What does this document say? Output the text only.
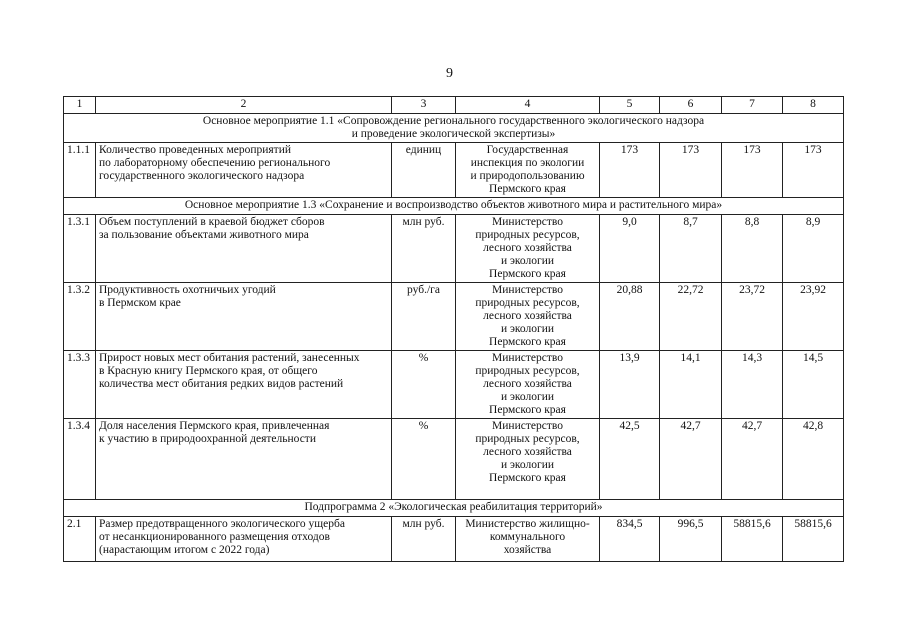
9
1	2	3	4	5	6	7	8
Основное мероприятие 1.1 «Сопровождение регионального государственного экологического надзора
и проведение экологической экспертизы»							
1.1.1	Количество проведенных мероприятий
по лабораторному обеспечению регионального
государственного экологического надзора	единиц	Государственная
инспекция по экологии
и природопользованию
Пермского края	173	173	173	173
Основное мероприятие 1.3 «Сохранение и воспроизводство объектов животного мира и растительного мира»							
1.3.1	Объем поступлений в краевой бюджет сборов
за пользование объектами животного мира	млн руб.	Министерство
природных ресурсов,
лесного хозяйства
и экологии
Пермского края	9,0	8,7	8,8	8,9
1.3.2	Продуктивность охотничьих угодий
в Пермском крае	руб./га	Министерство
природных ресурсов,
лесного хозяйства
и экологии
Пермского края	20,88	22,72	23,72	23,92
1.3.3	Прирост новых мест обитания растений, занесенных
в Красную книгу Пермского края, от общего
количества мест обитания редких видов растений	%	Министерство
природных ресурсов,
лесного хозяйства
и экологии
Пермского края	13,9	14,1	14,3	14,5
1.3.4	Доля населения Пермского края, привлеченная
к участию в природоохранной деятельности	%	Министерство
природных ресурсов,
лесного хозяйства
и экологии
Пермского края	42,5	42,7	42,7	42,8
Подпрограмма 2 «Экологическая реабилитация территорий»							
2.1	Размер предотвращенного экологического ущерба
от несанкционированного размещения отходов
(нарастающим итогом с 2022 года)	млн руб.	Министерство жилищно-
коммунального
хозяйства	834,5	996,5	58815,6	58815,6
